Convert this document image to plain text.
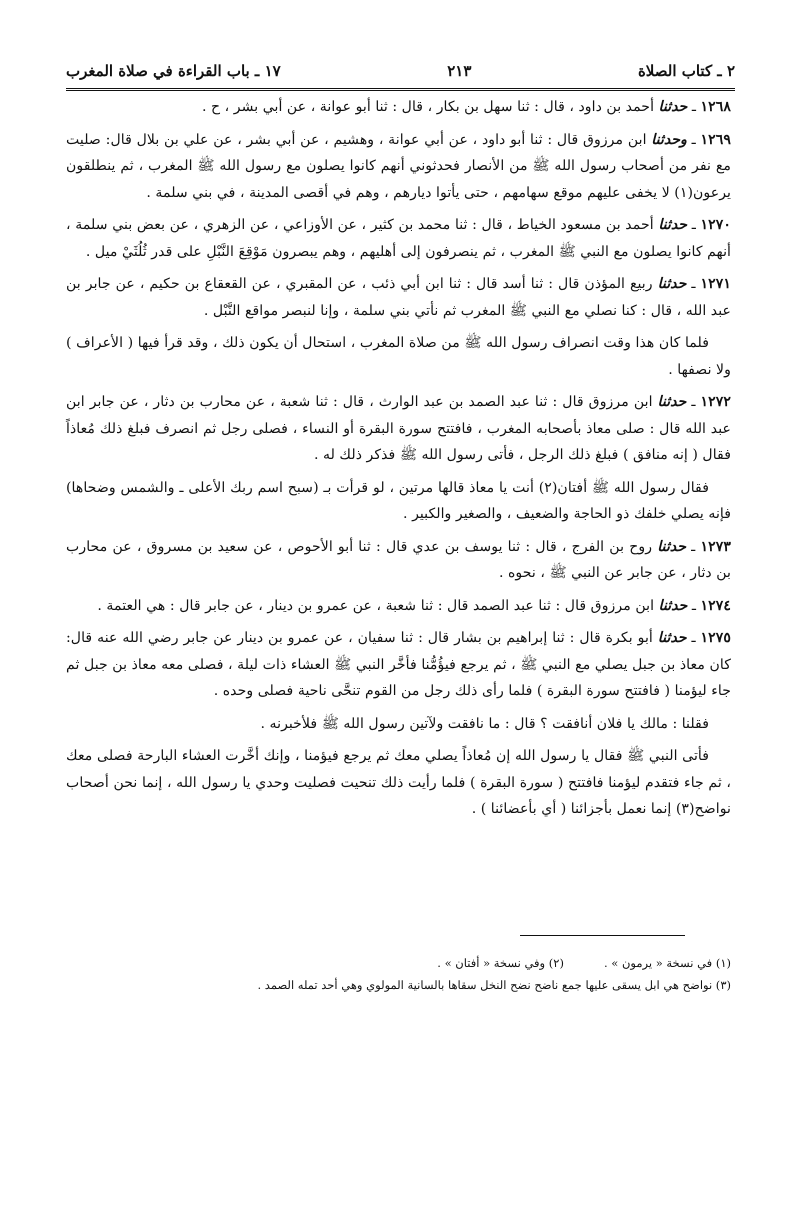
٢ ـ كتاب الصلاة
٢١٣
١٧ ـ باب القراءة في صلاة المغرب

١٢٦٨ ـ حدثنا أحمد بن داود ، قال : ثنا سهل بن بكار ، قال : ثنا أبو عوانة ، عن أبي بشر ، ح .

١٢٦٩ ـ وحدثنا ابن مرزوق قال : ثنا أبو داود ، عن أبي عوانة ، وهشيم ، عن أبي بشر ، عن علي بن بلال قال: صليت مع نفر من أصحاب رسول الله ﷺ من الأنصار فحدثوني أنهم كانوا يصلون مع رسول الله ﷺ المغرب ، ثم ينطلقون يرعون(١) لا يخفى عليهم موقع سهامهم ، حتى يأتوا ديارهم ، وهم في أقصى المدينة ، في بني سلمة .

١٢٧٠ ـ حدثنا أحمد بن مسعود الخياط ، قال : ثنا محمد بن كثير ، عن الأوزاعي ، عن الزهري ، عن بعض بني سلمة ، أنهم كانوا يصلون مع النبي ﷺ المغرب ، ثم ينصرفون إلى أهليهم ، وهم يبصرون مَوْقِعَ النَّبْلِ على قدر ثُلُثَيْ ميل .

١٢٧١ ـ حدثنا ربيع المؤذن قال : ثنا أسد قال : ثنا ابن أبي ذئب ، عن المقبري ، عن القعقاع بن حكيم ، عن جابر بن عبد الله ، قال : كنا نصلي مع النبي ﷺ المغرب ثم نأتي بني سلمة ، وإنا لنبصر مواقع النَّبْل .

فلما كان هذا وقت انصراف رسول الله ﷺ من صلاة المغرب ، استحال أن يكون ذلك ، وقد قرأ فيها ( الأعراف ) ولا نصفها .

١٢٧٢ ـ حدثنا ابن مرزوق قال : ثنا عبد الصمد بن عبد الوارث ، قال : ثنا شعبة ، عن محارب بن دثار ، عن جابر ابن عبد الله قال : صلى معاذ بأصحابه المغرب ، فافتتح سورة البقرة أو النساء ، فصلى رجل ثم انصرف فبلغ ذلك مُعاذاً فقال ( إنه منافق ) فبلغ ذلك الرجل ، فأتى رسول الله ﷺ فذكر ذلك له .

فقال رسول الله ﷺ أفتان(٢) أنت يا معاذ قالها مرتين ، لو قرأت بـ (سبح اسم ربك الأعلى ـ والشمس وضحاها) فإنه يصلي خلفك ذو الحاجة والضعيف ، والصغير والكبير .

١٢٧٣ ـ حدثنا روح بن الفرج ، قال : ثنا يوسف بن عدي قال : ثنا أبو الأحوص ، عن سعيد بن مسروق ، عن محارب بن دثار ، عن جابر عن النبي ﷺ ، نحوه .

١٢٧٤ ـ حدثنا ابن مرزوق قال : ثنا عبد الصمد قال : ثنا شعبة ، عن عمرو بن دينار ، عن جابر قال : هي العتمة .

١٢٧٥ ـ حدثنا أبو بكرة قال : ثنا إبراهيم بن بشار قال : ثنا سفيان ، عن عمرو بن دينار عن جابر رضي الله عنه قال: كان معاذ بن جبل يصلي مع النبي ﷺ ، ثم يرجع فيؤُمُّنا فأخَّر النبي ﷺ العشاء ذات ليلة ، فصلى معه معاذ بن جبل ثم جاء ليؤمنا ( فافتتح سورة البقرة ) فلما رأى ذلك رجل من القوم تنحَّى ناحية فصلى وحده .

فقلنا : مالك يا فلان أنافقت ؟ قال : ما نافقت ولآتين رسول الله ﷺ فلأخبرنه .

فأتى النبي ﷺ فقال يا رسول الله إن مُعاذاً يصلي معك ثم يرجع فيؤمنا ، وإنك أخَّرت العشاء البارحة فصلى معك ، ثم جاء فتقدم ليؤمنا فافتتح ( سورة البقرة ) فلما رأيت ذلك تنحيت فصليت وحدي يا رسول الله ، إنما نحن أصحاب نواضح(٣) إنما نعمل بأجزائنا ( أي بأعضائنا ) .

(١) في نسخة « يرمون » .
(٢) وفي نسخة « أفتان » .
(٣) نواضح هي ابل يسقى عليها جمع ناضح نضح النخل سقاها بالسانية المولوي وهي أحد تمله الصمد .
